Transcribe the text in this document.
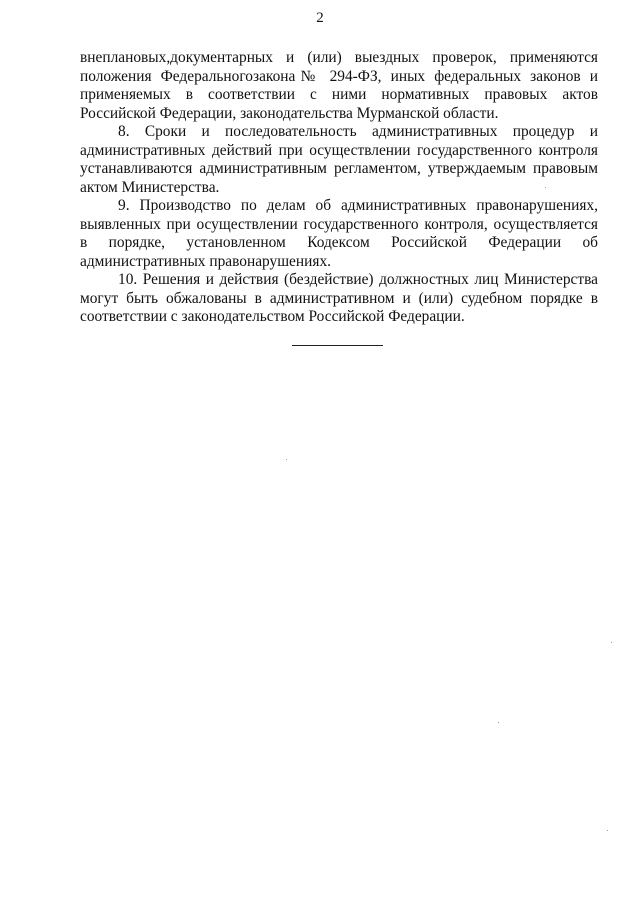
2

внеплановых,документарных и (или) выездных проверок, применяются положения Федеральногозакона№ 294-ФЗ, иных федеральных законов и применяемых в соответствии с ними нормативных правовых актов Российской Федерации, законодательства Мурманской области.

8. Сроки и последовательность административных процедур и административных действий при осуществлении государственного контроля устанавливаются административным регламентом, утверждаемым правовым актом Министерства.

9. Производство по делам об административных правонарушениях, выявленных при осуществлении государственного контроля, осуществляется в порядке, установленном Кодексом Российской Федерации об административных правонарушениях.

10. Решения и действия (бездействие) должностных лиц Министерства могут быть обжалованы в административном и (или) судебном порядке в соответствии с законодательством Российской Федерации.
